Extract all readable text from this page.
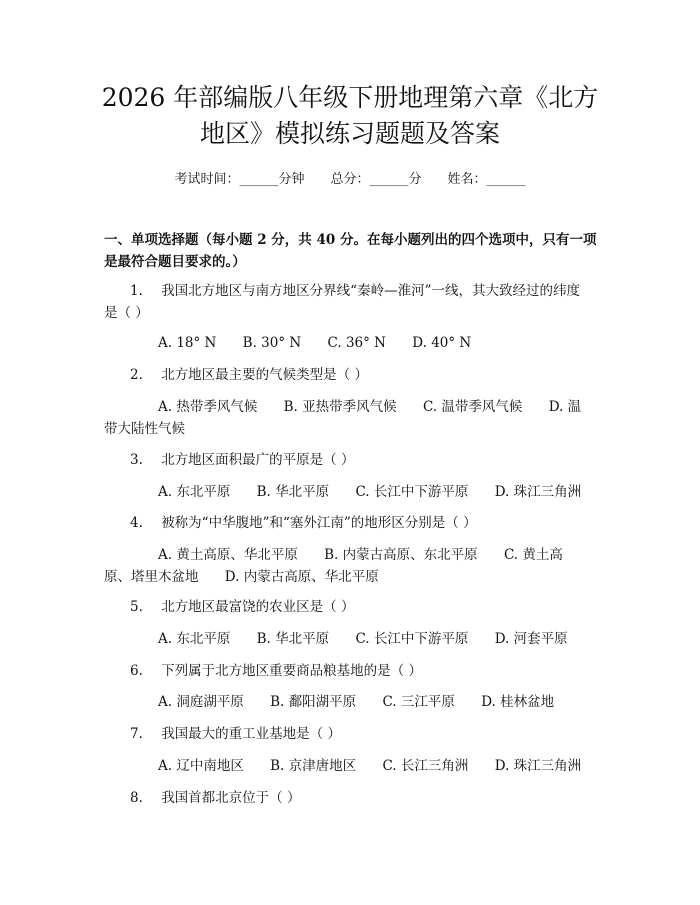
2026 年部编版八年级下册地理第六章《北方
地区》模拟练习题题及答案
考试时间：______分钟 总分：______分 姓名：______
一、单项选择题（每小题 2 分，共 40 分。在每小题列出的四个选项中，只有一项是最符合题目要求的。）
1. 我国北方地区与南方地区分界线“秦岭—淮河”一线，其大致经过的纬度
是（ ）
A. 18° N B. 30° N C. 36° N D. 40° N
2. 北方地区最主要的气候类型是（ ）
A. 热带季风气候 B. 亚热带季风气候 C. 温带季风气候 D. 温
带大陆性气候
3. 北方地区面积最广的平原是（ ）
A. 东北平原 B. 华北平原 C. 长江中下游平原 D. 珠江三角洲
4. 被称为“中华腹地”和“塞外江南”的地形区分别是（ ）
A. 黄土高原、华北平原 B. 内蒙古高原、东北平原 C. 黄土高
原、塔里木盆地 D. 内蒙古高原、华北平原
5. 北方地区最富饶的农业区是（ ）
A. 东北平原 B. 华北平原 C. 长江中下游平原 D. 河套平原
6. 下列属于北方地区重要商品粮基地的是（ ）
A. 洞庭湖平原 B. 鄱阳湖平原 C. 三江平原 D. 桂林盆地
7. 我国最大的重工业基地是（ ）
A. 辽中南地区 B. 京津唐地区 C. 长江三角洲 D. 珠江三角洲
8. 我国首都北京位于（ ）
